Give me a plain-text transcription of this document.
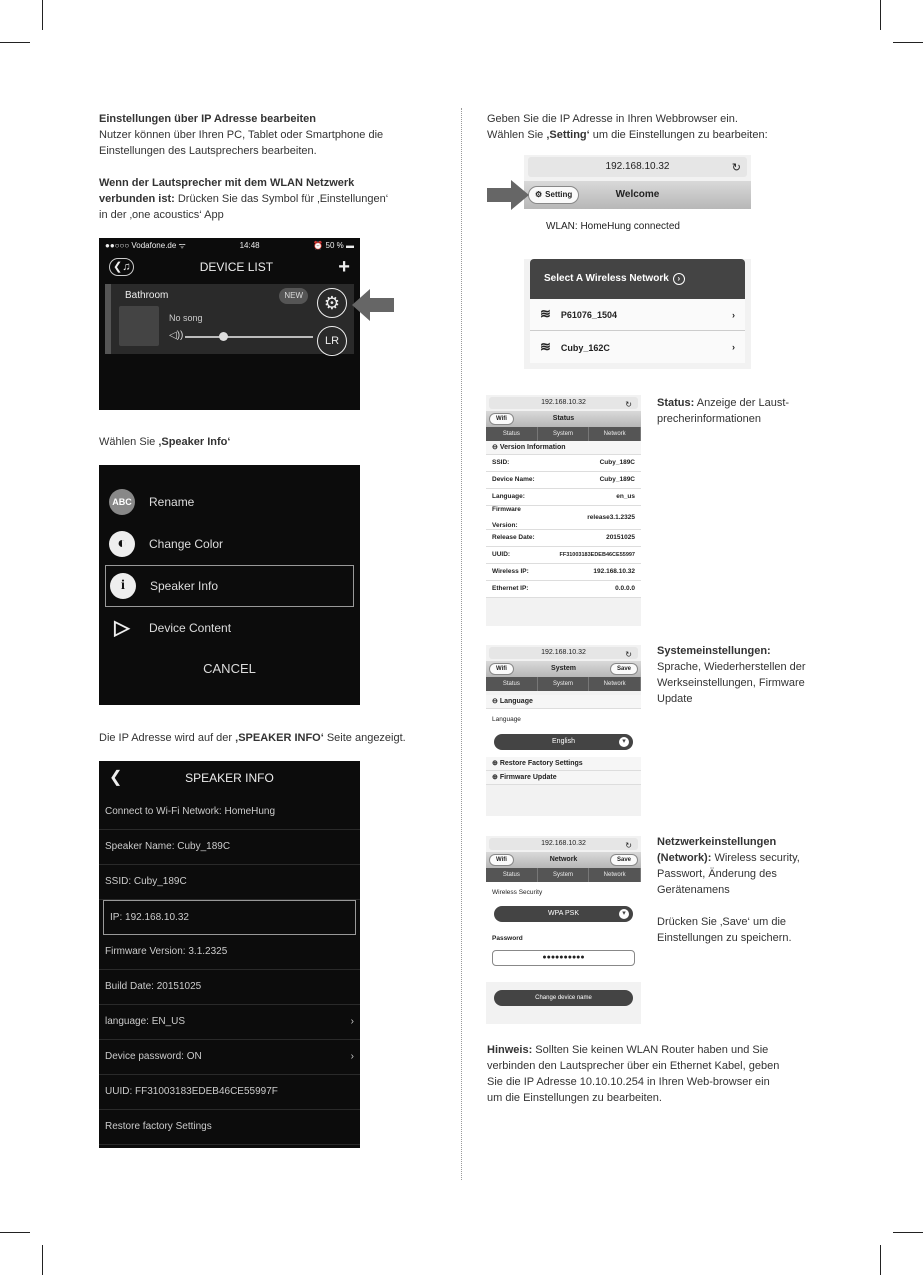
Einstellungen über IP Adresse bearbeiten
Nutzer können über Ihren PC, Tablet oder Smartphone die
Einstellungen des Lautsprechers bearbeiten.
Wenn der Lautsprecher mit dem WLAN Netzwerk
verbunden ist: Drücken Sie das Symbol für ‚Einstellungen‘
in der ‚one acoustics‘ App
●●○○○ Vodafone.de ᯤ	14:48	⏰ 50 % ▬
❮♫	DEVICE LIST	+
Bathroom	NEW
No song
◁))
⚙
LR
Wählen Sie ‚Speaker Info‘
ABC Rename
◐ Change Color
i Speaker Info
▷ Device Content
CANCEL
Die IP Adresse wird auf der ‚SPEAKER INFO‘ Seite angezeigt.
❮	SPEAKER INFO
Connect to Wi-Fi Network: HomeHung
Speaker Name: Cuby_189C
SSID: Cuby_189C
IP: 192.168.10.32
Firmware Version: 3.1.2325
Build Date: 20151025
language: EN_US	›
Device password: ON	›
UUID: FF31003183EDEB46CE55997F
Restore factory Settings
Geben Sie die IP Adresse in Ihren Webbrowser ein.
Wählen Sie ‚Setting‘ um die Einstellungen zu bearbeiten:
192.168.10.32	↻
⚙ Setting	Welcome
WLAN: HomeHung connected
Select A Wireless Network	›
≋ P61076_1504	›
≋ Cuby_162C	›
192.168.10.32	↻
Wifi	Status
Status	System	Network
⊖ Version Information
SSID:	Cuby_189C
Device Name:	Cuby_189C
Language:	en_us
Firmware Version:
release3.1.2325
Release Date:	20151025
UUID:	FF31003183EDEB46CE55997
Wireless IP:	192.168.10.32
Ethernet IP:	0.0.0.0
Status: Anzeige der Laust-
precherinformationen
192.168.10.32	↻
Wifi	System	Save
Status	System	Network
⊖ Language
Language
English	▾
⊕ Restore Factory Settings
⊕ Firmware Update
Systemeinstellungen:
Sprache, Wiederherstellen der
Werkseinstellungen, Firmware
Update
192.168.10.32	↻
Wifi	Network	Save
Status	System	Network
Wireless Security
WPA PSK	▾
Password
●●●●●●●●●●
Change device name
Netzwerkeinstellungen
(Network): Wireless security,
Passwort, Änderung des
Gerätenamens
Drücken Sie ‚Save‘ um die
Einstellungen zu speichern.
Hinweis: Sollten Sie keinen WLAN Router haben und Sie
verbinden den Lautsprecher über ein Ethernet Kabel, geben
Sie die IP Adresse 10.10.10.254 in Ihren Web-browser ein
um die Einstellungen zu bearbeiten.
